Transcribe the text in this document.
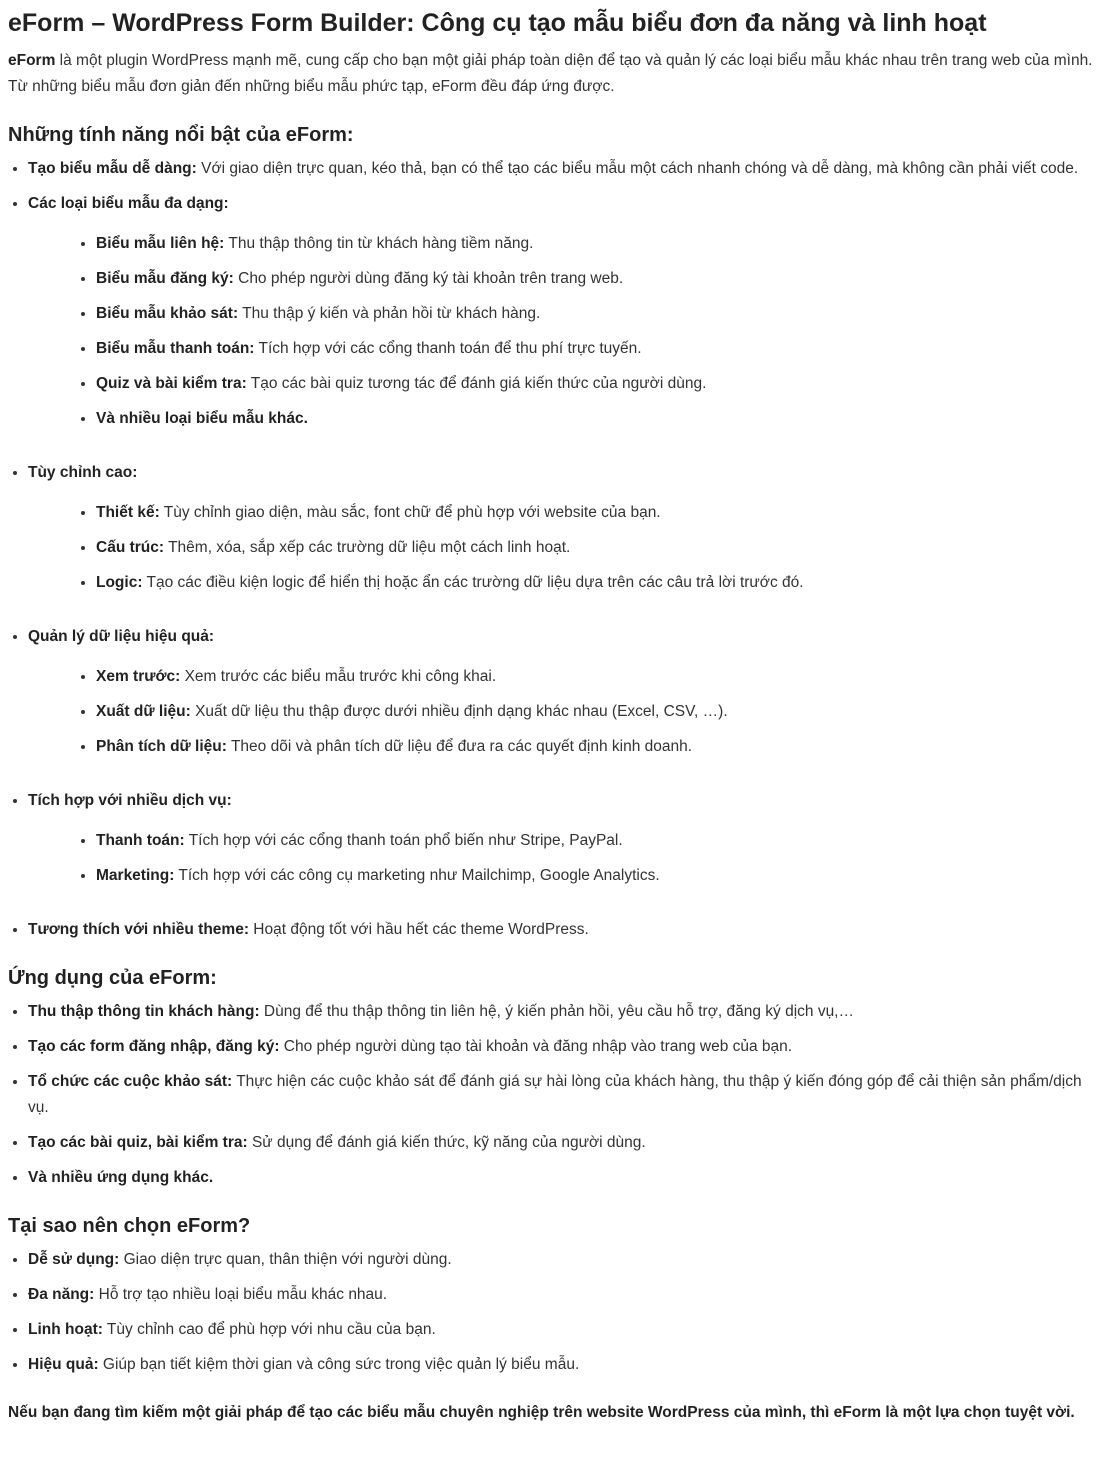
eForm – WordPress Form Builder: Công cụ tạo mẫu biểu đơn đa năng và linh hoạt

eForm là một plugin WordPress mạnh mẽ, cung cấp cho bạn một giải pháp toàn diện để tạo và quản lý các loại biểu mẫu khác nhau trên trang web của mình. Từ những biểu mẫu đơn giản đến những biểu mẫu phức tạp, eForm đều đáp ứng được.

Những tính năng nổi bật của eForm:
• Tạo biểu mẫu dễ dàng: Với giao diện trực quan, kéo thả, bạn có thể tạo các biểu mẫu một cách nhanh chóng và dễ dàng, mà không cần phải viết code.
• Các loại biểu mẫu đa dạng:
• Biểu mẫu liên hệ: Thu thập thông tin từ khách hàng tiềm năng.
• Biểu mẫu đăng ký: Cho phép người dùng đăng ký tài khoản trên trang web.
• Biểu mẫu khảo sát: Thu thập ý kiến và phản hồi từ khách hàng.
• Biểu mẫu thanh toán: Tích hợp với các cổng thanh toán để thu phí trực tuyến.
• Quiz và bài kiểm tra: Tạo các bài quiz tương tác để đánh giá kiến thức của người dùng.
• Và nhiều loại biểu mẫu khác.
• Tùy chỉnh cao:
• Thiết kế: Tùy chỉnh giao diện, màu sắc, font chữ để phù hợp với website của bạn.
• Cấu trúc: Thêm, xóa, sắp xếp các trường dữ liệu một cách linh hoạt.
• Logic: Tạo các điều kiện logic để hiển thị hoặc ẩn các trường dữ liệu dựa trên các câu trả lời trước đó.
• Quản lý dữ liệu hiệu quả:
• Xem trước: Xem trước các biểu mẫu trước khi công khai.
• Xuất dữ liệu: Xuất dữ liệu thu thập được dưới nhiều định dạng khác nhau (Excel, CSV, …).
• Phân tích dữ liệu: Theo dõi và phân tích dữ liệu để đưa ra các quyết định kinh doanh.
• Tích hợp với nhiều dịch vụ:
• Thanh toán: Tích hợp với các cổng thanh toán phổ biến như Stripe, PayPal.
• Marketing: Tích hợp với các công cụ marketing như Mailchimp, Google Analytics.
• Tương thích với nhiều theme: Hoạt động tốt với hầu hết các theme WordPress.
Ứng dụng của eForm:
• Thu thập thông tin khách hàng: Dùng để thu thập thông tin liên hệ, ý kiến phản hồi, yêu cầu hỗ trợ, đăng ký dịch vụ,…
• Tạo các form đăng nhập, đăng ký: Cho phép người dùng tạo tài khoản và đăng nhập vào trang web của bạn.
• Tổ chức các cuộc khảo sát: Thực hiện các cuộc khảo sát để đánh giá sự hài lòng của khách hàng, thu thập ý kiến đóng góp để cải thiện sản phẩm/dịch vụ.
• Tạo các bài quiz, bài kiểm tra: Sử dụng để đánh giá kiến thức, kỹ năng của người dùng.
• Và nhiều ứng dụng khác.
Tại sao nên chọn eForm?
• Dễ sử dụng: Giao diện trực quan, thân thiện với người dùng.
• Đa năng: Hỗ trợ tạo nhiều loại biểu mẫu khác nhau.
• Linh hoạt: Tùy chỉnh cao để phù hợp với nhu cầu của bạn.
• Hiệu quả: Giúp bạn tiết kiệm thời gian và công sức trong việc quản lý biểu mẫu.

Nếu bạn đang tìm kiếm một giải pháp để tạo các biểu mẫu chuyên nghiệp trên website WordPress của mình, thì eForm là một lựa chọn tuyệt vời.
